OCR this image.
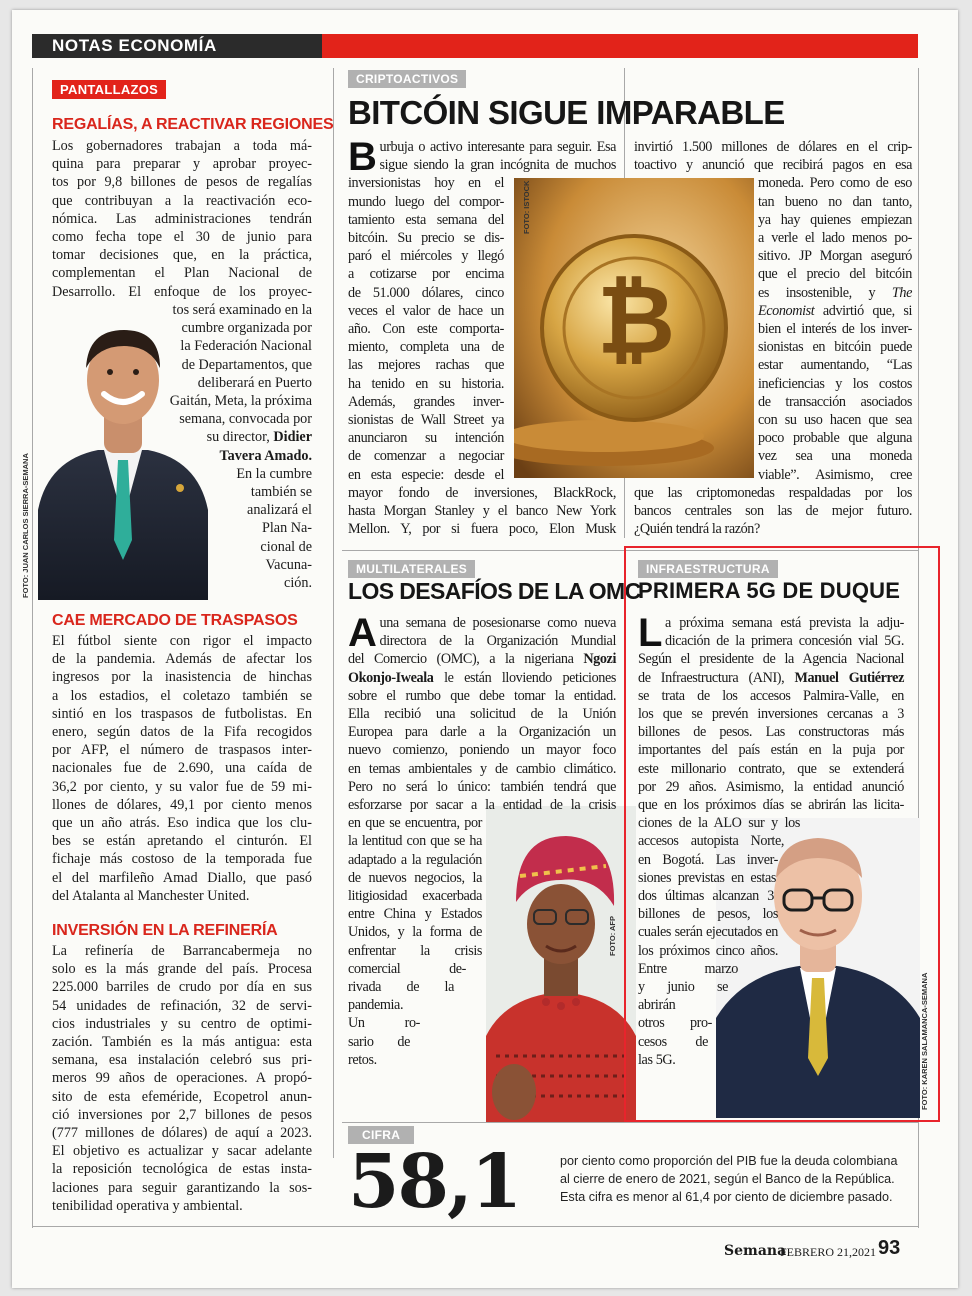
NOTAS ECONOMÍA
PANTALLAZOS
REGALÍAS, A REACTIVAR REGIONES
Los gobernadores trabajan a toda má-
quina para preparar y aprobar proyec-
tos por 9,8 billones de pesos de regalías
que contribuyan a la reactivación eco-
nómica. Las administraciones tendrán
como fecha tope el 30 de junio para
tomar decisiones que, en la práctica,
complementan el Plan Nacional de
Desarrollo. El enfoque de los proyec-
tos será examinado en la
cumbre organizada por
la Federación Nacional
de Departamentos, que
deliberará en Puerto
Gaitán, Meta, la próxima
semana, convocada por
su director, Didier
Tavera Amado.
En la cumbre
también se
analizará el
Plan Na-
cional de
Vacuna-
ción.
FOTO: JUAN CARLOS SIERRA-SEMANA
CAE MERCADO DE TRASPASOS
El fútbol siente con rigor el impacto
de la pandemia. Además de afectar los
ingresos por la inasistencia de hinchas
a los estadios, el coletazo también se
sintió en los traspasos de futbolistas. En
enero, según datos de la Fifa recogidos
por AFP, el número de traspasos inter-
nacionales fue de 2.690, una caída de
36,2 por ciento, y su valor fue de 59 mi-
llones de dólares, 49,1 por ciento menos
que un año atrás. Eso indica que los clu-
bes se están apretando el cinturón. El
fichaje más costoso de la temporada fue
el del marfileño Amad Diallo, que pasó
del Atalanta al Manchester United.
INVERSIÓN EN LA REFINERÍA
La refinería de Barrancabermeja no
solo es la más grande del país. Procesa
225.000 barriles de crudo por día en sus
54 unidades de refinación, 32 de servi-
cios industriales y su centro de optimi-
zación. También es la más antigua: esta
semana, esa instalación celebró sus pri-
meros 99 años de operaciones. A propó-
sito de esta efeméride, Ecopetrol anun-
ció inversiones por 2,7 billones de pesos
(777 millones de dólares) de aquí a 2023.
El objetivo es actualizar y sacar adelante
la reposición tecnológica de estas insta-
laciones para seguir garantizando la sos-
tenibilidad operativa y ambiental.
CRIPTOACTIVOS
BITCÓIN SIGUE IMPARABLE
₿
FOTO: ISTOCK
B urbuja o activo interesante para seguir. Esa
sigue siendo la gran incógnita de muchos
inversionistas hoy en el
mundo luego del compor-
tamiento esta semana del
bitcóin. Su precio se dis-
paró el miércoles y llegó
a cotizarse por encima
de 51.000 dólares, cinco
veces el valor de hace un
año. Con este comporta-
miento, completa una de
las mejores rachas que
ha tenido en su historia.
Además, grandes inver-
sionistas de Wall Street ya
anunciaron su intención
de comenzar a negociar
en esta especie: desde el
mayor fondo de inversiones, BlackRock,
hasta Morgan Stanley y el banco New York
Mellon. Y, por si fuera poco, Elon Musk
invirtió 1.500 millones de dólares en el crip-
toactivo y anunció que recibirá pagos en esa
moneda. Pero como de eso
tan bueno no dan tanto,
ya hay quienes empiezan
a verle el lado menos po-
sitivo. JP Morgan aseguró
que el precio del bitcóin
es insostenible, y The
Economist advirtió que, si
bien el interés de los inver-
sionistas en bitcóin puede
estar aumentando, “Las
ineficiencias y los costos
de transacción asociados
con su uso hacen que sea
poco probable que alguna
vez sea una moneda
viable”. Asimismo, cree
que las criptomonedas respaldadas por los
bancos centrales son las de mejor futuro.
¿Quién tendrá la razón?
MULTILATERALES
LOS DESAFÍOS DE LA OMC
FOTO: AFP
A una semana de posesionarse como nueva
directora de la Organización Mundial
del Comercio (OMC), a la nigeriana Ngozi
Okonjo-Iweala le están lloviendo peticiones
sobre el rumbo que debe tomar la entidad.
Ella recibió una solicitud de la Unión
Europea para darle a la Organización un
nuevo comienzo, poniendo un mayor foco
en temas ambientales y de cambio climático.
Pero no será lo único: también tendrá que
esforzarse por sacar a la entidad de la crisis
en que se encuentra, por
la lentitud con que se ha
adaptado a la regulación
de nuevos negocios, la
litigiosidad exacerbada
entre China y Estados
Unidos, y la forma de
enfrentar la crisis
comercial de-
rivada de la
pandemia.
Un ro-
sario de
retos.
INFRAESTRUCTURA
PRIMERA 5G DE DUQUE
FOTO: KAREN SALAMANCA-SEMANA
L a próxima semana está prevista la adju-
dicación de la primera concesión vial 5G.
Según el presidente de la Agencia Nacional
de Infraestructura (ANI), Manuel Gutiérrez
se trata de los accesos Palmira-Valle, en
los que se prevén inversiones cercanas a 3
billones de pesos. Las constructoras más
importantes del país están en la puja por
este millonario contrato, que se extenderá
por 29 años. Asimismo, la entidad anunció
que en los próximos días se abrirán las licita-
ciones de la ALO sur y los
accesos autopista Norte,
en Bogotá. Las inver-
siones previstas en estas
dos últimas alcanzan 3
billones de pesos, los
cuales serán ejecutados en
los próximos cinco años.
Entre marzo
y junio se
abrirán
otros pro-
cesos de
las 5G.
CIFRA
58,1	por ciento como proporción del PIB fue la deuda colombiana
al cierre de enero de 2021, según el Banco de la República.
Esta cifra es menor al 61,4 por ciento de diciembre pasado.
Semana
FEBRERO 21,2021 93
